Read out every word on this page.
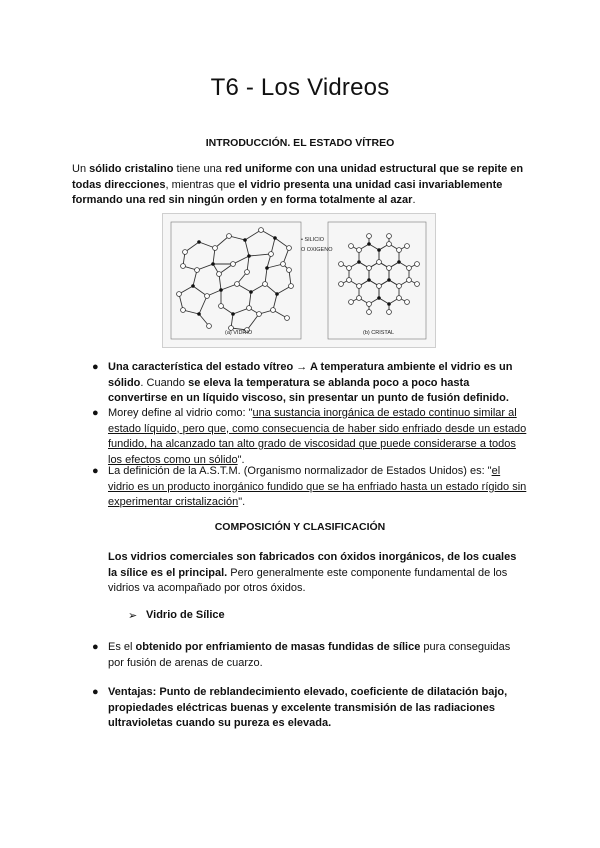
T6 - Los Vidreos
INTRODUCCIÓN. EL ESTADO VÍTREO
Un sólido cristalino tiene una red uniforme con una unidad estructural que se repite en todas direcciones, mientras que el vidrio presenta una unidad casi invariablemente formando una red sin ningún orden y en forma totalmente al azar.
• SILICIO
O OXIGENO
(a) VIDRIO	(b) CRISTAL
● Una característica del estado vítreo → A temperatura ambiente el vidrio es un sólido. Cuando se eleva la temperatura se ablanda poco a poco hasta convertirse en un líquido viscoso, sin presentar un punto de fusión definido.
● Morey define al vidrio como: "una sustancia inorgánica de estado continuo similar al estado líquido, pero que, como consecuencia de haber sido enfriado desde un estado fundido, ha alcanzado tan alto grado de viscosidad que puede considerarse a todos los efectos como un sólido".
● La definición de la A.S.T.M. (Organismo normalizador de Estados Unidos) es: "el vidrio es un producto inorgánico fundido que se ha enfriado hasta un estado rígido sin experimentar cristalización".
COMPOSICIÓN Y CLASIFICACIÓN
Los vidrios comerciales son fabricados con óxidos inorgánicos, de los cuales la sílice es el principal. Pero generalmente este componente fundamental de los vidrios va acompañado por otros óxidos.
➢ Vidrio de Sílice
● Es el obtenido por enfriamiento de masas fundidas de sílice pura conseguidas por fusión de arenas de cuarzo.
● Ventajas: Punto de reblandecimiento elevado, coeficiente de dilatación bajo, propiedades eléctricas buenas y excelente transmisión de las radiaciones ultravioletas cuando su pureza es elevada.
